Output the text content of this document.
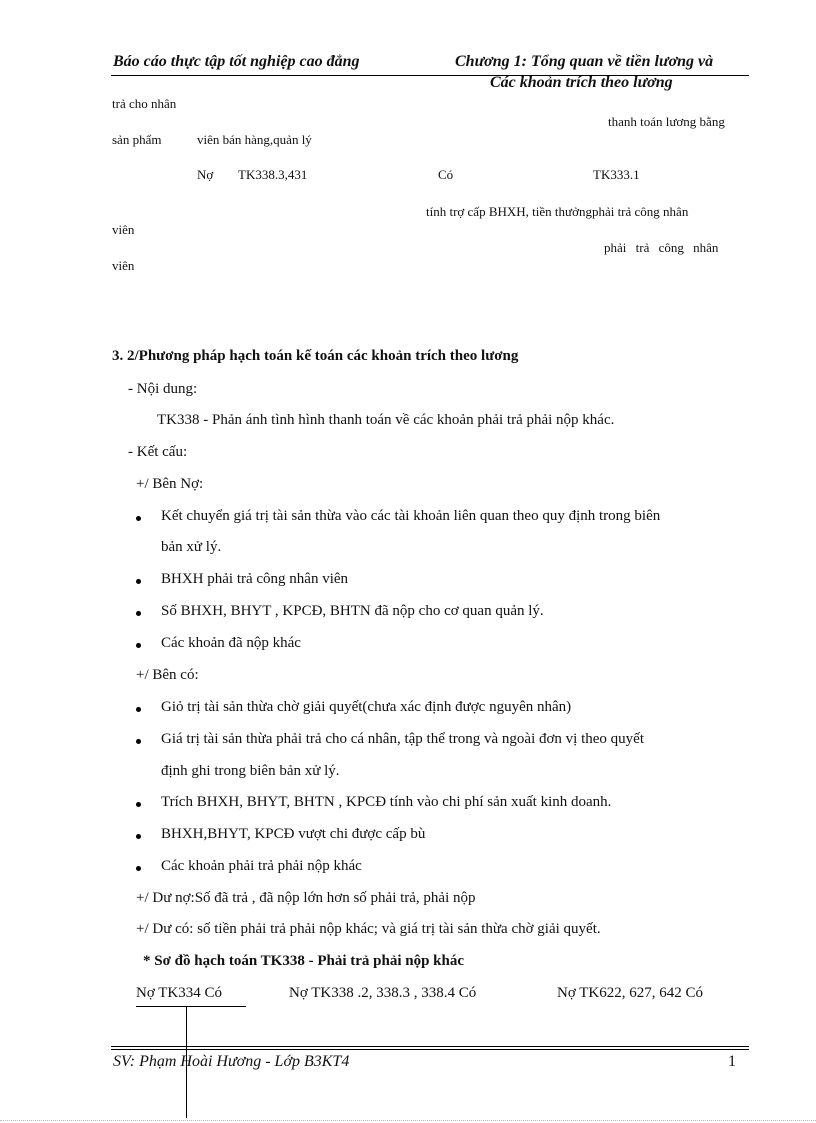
Báo cáo thực tập tốt nghiệp cao đẳng	Chương 1: Tổng quan về tiền lương và
Các khoản trích theo lương
trả cho nhân
thanh toán lương bằng
sản phẩm	viên bán hàng,quản lý
Nợ TK338.3,431	Có	TK333.1
tính trợ cấp BHXH, tiền thưởngphải trả công nhân
viên
phải trả công nhân
viên
3. 2/Phương pháp hạch toán kế toán các khoản trích theo lương
- Nội dung:
TK338 - Phản ánh tình hình thanh toán về các khoản phải trả phải nộp khác.
- Kết cấu:
+/ Bên Nợ:
Kết chuyển giá trị tài sản thừa vào các tài khoản liên quan theo quy định trong biên
bản xử lý.
BHXH phải trả công nhân viên
Số BHXH, BHYT , KPCĐ, BHTN đã nộp cho cơ quan quản lý.
Các khoản đã nộp khác
+/ Bên có:
Giỏ trị tài sản thừa chờ giải quyết(chưa xác định được nguyên nhân)
Giá trị tài sản thừa phải trả cho cá nhân, tập thể trong và ngoài đơn vị theo quyết
định ghi trong biên bản xử lý.
Trích BHXH, BHYT, BHTN , KPCĐ tính vào chi phí sản xuất kinh doanh.
BHXH,BHYT, KPCĐ vượt chi được cấp bù
Các khoản phải trả phải nộp khác
+/ Dư nợ:Số đã trả , đã nộp lớn hơn số phải trả, phải nộp
+/ Dư có: số tiền phải trả phải nộp khác; và giá trị tài sản thừa chờ giải quyết.
* Sơ đồ hạch toán TK338 - Phải trả phải nộp khác
Nợ TK334 Có	Nợ TK338 .2, 338.3 , 338.4 Có	Nợ TK622, 627, 642 Có
SV: Phạm Hoài Hương - Lớp B3KT4	1
